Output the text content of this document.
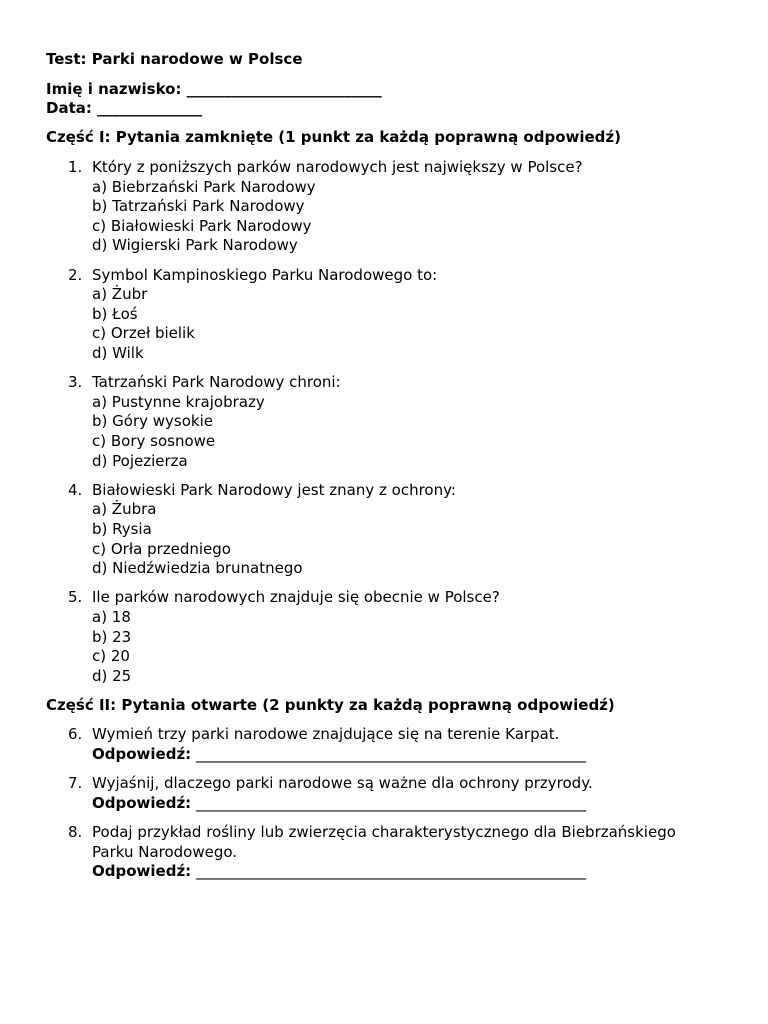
Test: Parki narodowe w Polsce
Imię i nazwisko: __________________________
Data: ______________
Część I: Pytania zamknięte (1 punkt za każdą poprawną odpowiedź)
1. Który z poniższych parków narodowych jest największy w Polsce?
a) Biebrzański Park Narodowy
b) Tatrzański Park Narodowy
c) Białowieski Park Narodowy
d) Wigierski Park Narodowy
2. Symbol Kampinoskiego Parku Narodowego to:
a) Żubr
b) Łoś
c) Orzeł bielik
d) Wilk
3. Tatrzański Park Narodowy chroni:
a) Pustynne krajobrazy
b) Góry wysokie
c) Bory sosnowe
d) Pojezierza
4. Białowieski Park Narodowy jest znany z ochrony:
a) Żubra
b) Rysia
c) Orła przedniego
d) Niedźwiedzia brunatnego
5. Ile parków narodowych znajduje się obecnie w Polsce?
a) 18
b) 23
c) 20
d) 25
Część II: Pytania otwarte (2 punkty za każdą poprawną odpowiedź)
6. Wymień trzy parki narodowe znajdujące się na terenie Karpat.
Odpowiedź: ____________________________________________________
7. Wyjaśnij, dlaczego parki narodowe są ważne dla ochrony przyrody.
Odpowiedź: ____________________________________________________
8. Podaj przykład rośliny lub zwierzęcia charakterystycznego dla Biebrzańskiego
Parku Narodowego.
Odpowiedź: ____________________________________________________
